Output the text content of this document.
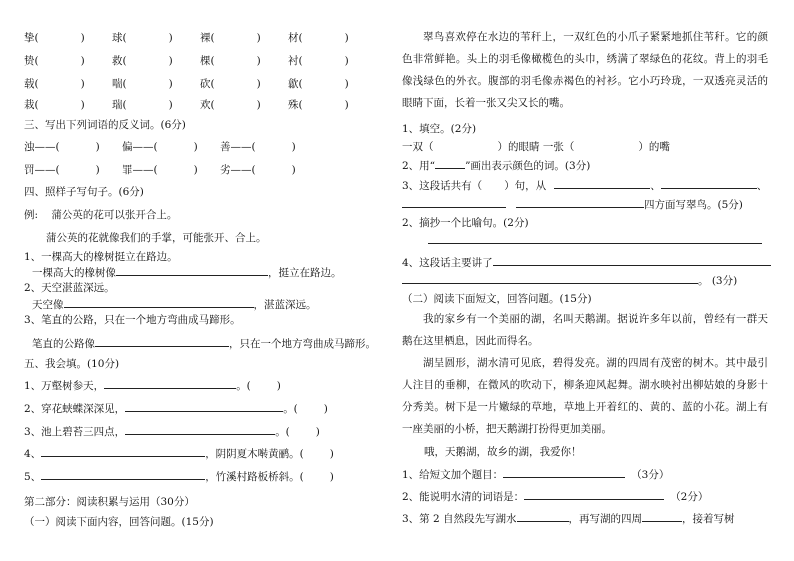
挚(	)	球(	)	裸(	)	材(	)
贽(	)	救(	)	棵(	)	衬(	)
载(	)	喘(	)	砍(	)	歙(	)
栽(	)	瑞(	)	欢(	)	殊(	)
三、写出下列词语的反义词。(6分)
浊——(	) 偏——(	) 善——(	)
罚——(	) 罪——(	) 劣——(	)
四、照样子写句子。(6分)
例: 蒲公英的花可以张开合上。
蒲公英的花就像我们的手掌，可能张开、合上。
1、一棵高大的橡树挺立在路边。
一棵高大的橡树像	，挺立在路边。
2、天空湛蓝深远。
天空像	，湛蓝深远。
3、笔直的公路，只在一个地方弯曲成马蹄形。
笔直的公路像	，只在一个地方弯曲成马蹄形。
五、我会填。(10分)
1、万壑树参天，	。( )
2、穿花蛱蝶深深见，	。( )
3、池上碧苔三四点，	。( )
4、	，阴阴夏木啭黄鹂。( )
5、	，竹溪村路板桥斜。( )
第二部分：阅读积累与运用（30分）
（一）阅读下面内容，回答问题。(15分)
翠鸟喜欢停在水边的苇秆上，一双红色的小爪子紧紧地抓住苇秆。它的颜色非常鲜艳。头上的羽毛像橄榄色的头巾，绣满了翠绿色的花纹。背上的羽毛像浅绿色的外衣。腹部的羽毛像赤褐色的衬衫。它小巧玲珑，一双透亮灵活的眼睛下面，长着一张又尖又长的嘴。
1、填空。(2分)
一双（	）的眼睛 一张（	）的嘴
2、用“	”画出表示颜色的词。(3分)
3、这段话共有（ ）句，从	、	、
四方面写翠鸟。(5分)
2、摘抄一个比喻句。(2分)
4、这段话主要讲了
。 (3分)
（二）阅读下面短文，回答问题。(15分)
我的家乡有一个美丽的湖，名叫天鹅湖。据说许多年以前，曾经有一群天鹅在这里栖息，因此而得名。
湖呈圆形，湖水清可见底，碧得发亮。湖的四周有茂密的树木。其中最引人注目的垂柳，在微风的吹动下，柳条迎风起舞。湖水映衬出柳姑娘的身影十分秀美。树下是一片嫩绿的草地，草地上开着红的、黄的、蓝的小花。湖上有一座美丽的小桥，把天鹅湖打扮得更加美丽。
哦，天鹅湖，故乡的湖，我爱你！
1、给短文加个题目：	（3分）
2、能说明水清的词语是：	（2分）
3、第 2 自然段先写湖水	，再写湖的四周	，接着写树
